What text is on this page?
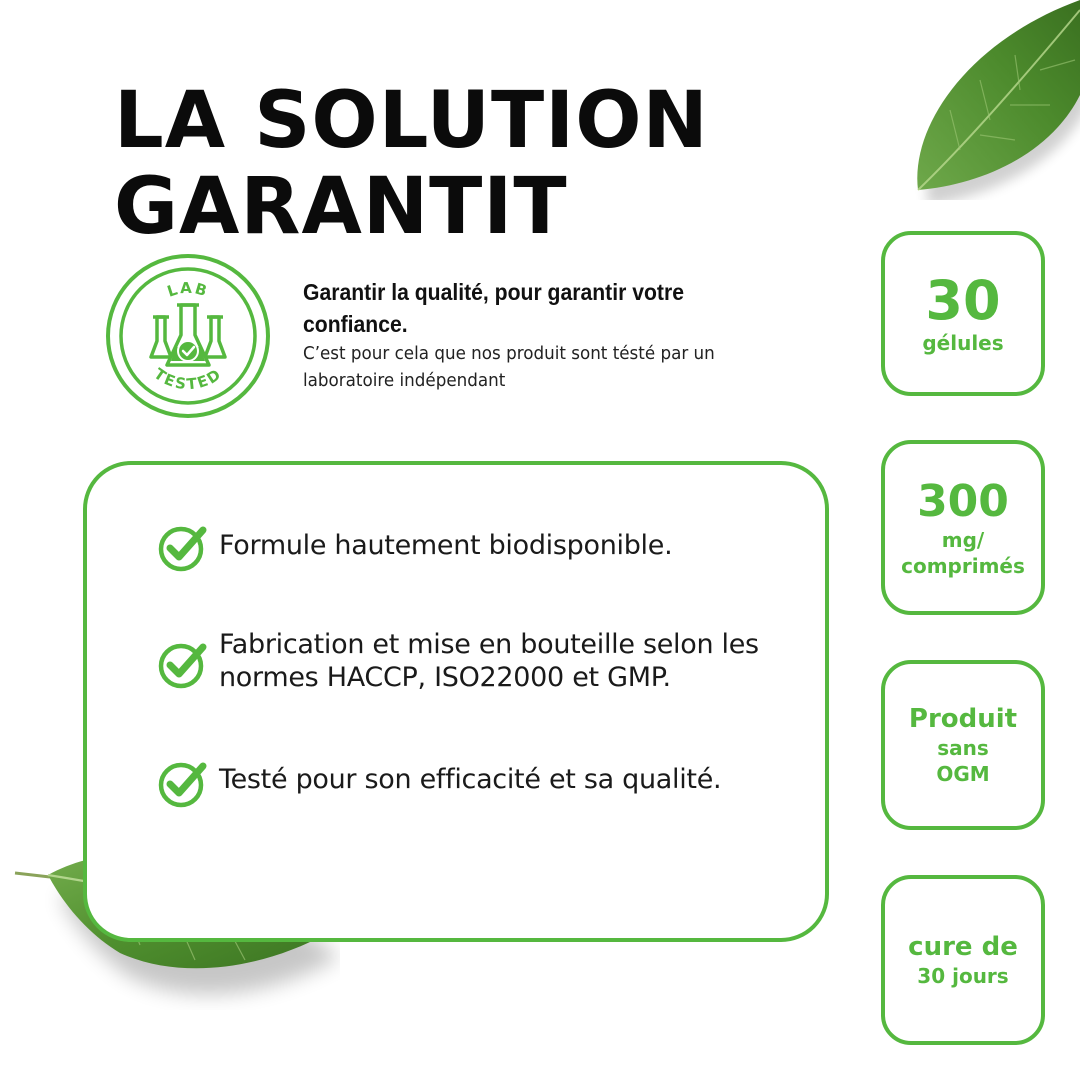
LA SOLUTION
GARANTIT
LAB
TESTED

Garantir la qualité, pour garantir votre confiance.

C’est pour cela que nos produit sont tésté par un laboratoire indépendant

Formule hautement biodisponible.

Fabrication et mise en bouteille selon les normes HACCP, ISO22000 et GMP.

Testé pour son efficacité et sa qualité.

30
gélules
300
mg/
comprimés
Produit
sans
OGM
cure de
30 jours
